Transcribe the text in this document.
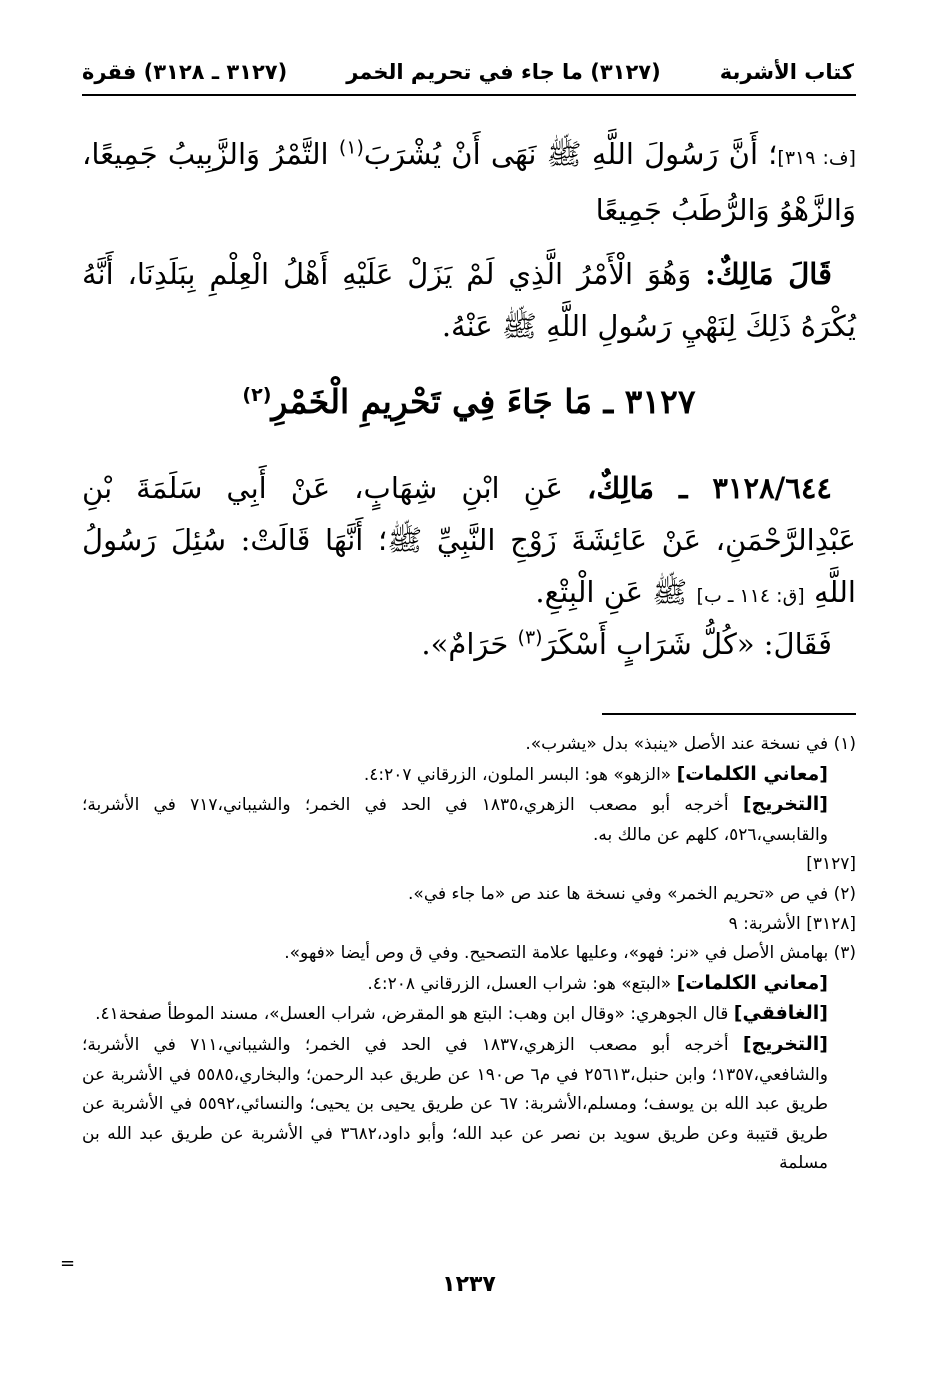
كتاب الأشربة
(٣١٢٧) ما جاء في تحريم الخمر
(٣١٢٧ ـ ٣١٢٨) فقرة
[ف: ٣١٩]؛ أَنَّ رَسُولَ اللَّهِ ﷺ نَهَى أَنْ يُشْرَبَ$^{(١)}$ التَّمْرُ وَالزَّبِيبُ جَمِيعًا، وَالزَّهْوُ وَالرُّطَبُ جَمِيعًا
قَالَ مَالِكٌ: وَهُوَ الْأَمْرُ الَّذِي لَمْ يَزَلْ عَلَيْهِ أَهْلُ الْعِلْمِ بِبَلَدِنَا، أَنَّهُ يُكْرَهُ ذَلِكَ لِنَهْيِ رَسُولِ اللَّهِ ﷺ عَنْهُ.
٣١٢٧ ـ مَا جَاءَ فِي تَحْرِيمِ الْخَمْرِ$^{(٢)}$
٣١٢٨/٦٤٤ ـ مَالِكٌ، عَنِ ابْنِ شِهَابٍ، عَنْ أَبِي سَلَمَةَ بْنِ عَبْدِالرَّحْمَنِ، عَنْ عَائِشَةَ زَوْجِ النَّبِيِّ ﷺ؛ أَنَّهَا قَالَتْ: سُئِلَ رَسُولُ اللَّهِ [ق: ١١٤ ـ ب] ﷺ عَنِ الْبِتْعِ.
فَقَالَ: «كُلُّ شَرَابٍ أَسْكَرَ$^{(٣)}$ حَرَامٌ».

(١) في نسخة عند الأصل «ينبذ» بدل «يشرب».

[معاني الكلمات] «الزهو» هو: البسر الملون، الزرقاني ٤:٢٠٧.

[التخريج] أخرجه أبو مصعب الزهري،١٨٣٥ في الحد في الخمر؛ والشيباني،٧١٧ في الأشربة؛ والقابسي،٥٢٦، كلهم عن مالك به.

[٣١٢٧]

(٢) في ص «تحريم الخمر» وفي نسخة ها عند ص «ما جاء في».

[٣١٢٨] الأشربة: ٩

(٣) بهامش الأصل في «نر: فهو»، وعليها علامة التصحيح. وفي ق وص أيضا «فهو».

[معاني الكلمات] «البتع» هو: شراب العسل، الزرقاني ٤:٢٠٨.

[الغافقي] قال الجوهري: «وقال ابن وهب: البتع هو المقرض، شراب العسل»، مسند الموطأ صفحة٤١.

[التخريج] أخرجه أبو مصعب الزهري،١٨٣٧ في الحد في الخمر؛ والشيباني،٧١١ في الأشربة؛ والشافعي،١٣٥٧؛ وابن حنبل،٢٥٦١٣ في م٦ ص١٩٠ عن طريق عبد الرحمن؛ والبخاري،٥٥٨٥ في الأشربة عن طريق عبد الله بن يوسف؛ ومسلم،الأشربة: ٦٧ عن طريق يحيى بن يحيى؛ والنسائي،٥٥٩٢ في الأشربة عن طريق قتيبة وعن طريق سويد بن نصر عن عبد الله؛ وأبو داود،٣٦٨٢ في الأشربة عن طريق عبد الله بن مسلمة

=
١٢٣٧
